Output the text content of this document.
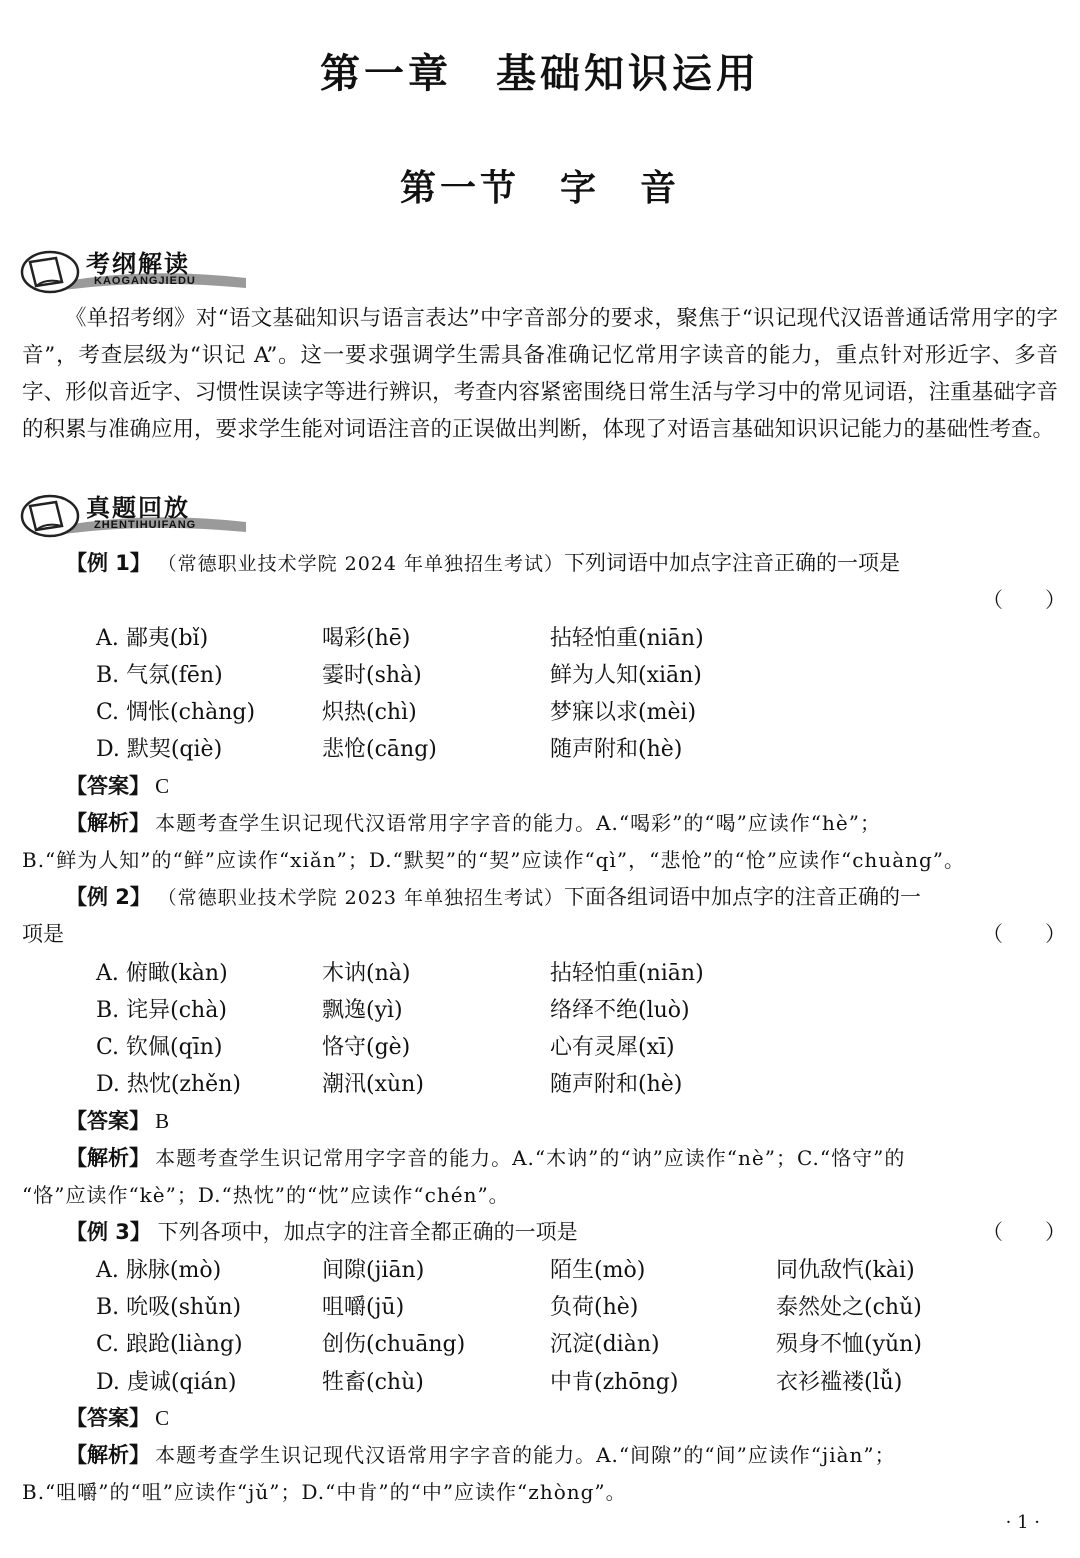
第一章　基础知识运用
第一节　字　音
考纲解读
KAOGANGJIEDU
《单招考纲》对“语文基础知识与语言表达”中字音部分的要求，聚焦于“识记现代汉语普通话常用字的字音”，考查层级为“识记 A”。这一要求强调学生需具备准确记忆常用字读音的能力，重点针对形近字、多音字、形似音近字、习惯性误读字等进行辨识，考查内容紧密围绕日常生活与学习中的常见词语，注重基础字音的积累与准确应用，要求学生能对词语注音的正误做出判断，体现了对语言基础知识识记能力的基础性考查。
真题回放
ZHENTIHUIFANG
【例 1】 （常德职业技术学院 2024 年单独招生考试）下列词语中加点字注音正确的一项是
（　　）
A. 鄙夷(bǐ)	喝彩(hē)	拈轻怕重(niān)
B. 气氛(fēn)	霎时(shà)	鲜为人知(xiān)
C. 惆怅(chàng)	炽热(chì)	梦寐以求(mèi)
D. 默契(qiè)	悲怆(cāng)	随声附和(hè)
【答案】 C
【解析】 本题考查学生识记现代汉语常用字字音的能力。A.“喝彩”的“喝”应读作“hè”；
B.“鲜为人知”的“鲜”应读作“xiǎn”；D.“默契”的“契”应读作“qì”，“悲怆”的“怆”应读作“chuàng”。
【例 2】 （常德职业技术学院 2023 年单独招生考试）下面各组词语中加点字的注音正确的一
项是	（　　）
A. 俯瞰(kàn)	木讷(nà)	拈轻怕重(niān)
B. 诧异(chà)	飘逸(yì)	络绎不绝(luò)
C. 钦佩(qīn)	恪守(gè)	心有灵犀(xī)
D. 热忱(zhěn)	潮汛(xùn)	随声附和(hè)
【答案】 B
【解析】 本题考查学生识记常用字字音的能力。A.“木讷”的“讷”应读作“nè”；C.“恪守”的
“恪”应读作“kè”；D.“热忱”的“忱”应读作“chén”。
【例 3】 下列各项中，加点字的注音全都正确的一项是	（　　）
A. 脉脉(mò)	间隙(jiān)	陌生(mò)	同仇敌忾(kài)
B. 吮吸(shǔn)	咀嚼(jū)	负荷(hè)	泰然处之(chǔ)
C. 踉跄(liàng)	创伤(chuāng)	沉淀(diàn)	殒身不恤(yǔn)
D. 虔诚(qián)	牲畜(chù)	中肯(zhōng)	衣衫褴褛(lǚ)
【答案】 C
【解析】 本题考查学生识记现代汉语常用字字音的能力。A.“间隙”的“间”应读作“jiàn”；
B.“咀嚼”的“咀”应读作“jǔ”；D.“中肯”的“中”应读作“zhòng”。
· 1 ·
